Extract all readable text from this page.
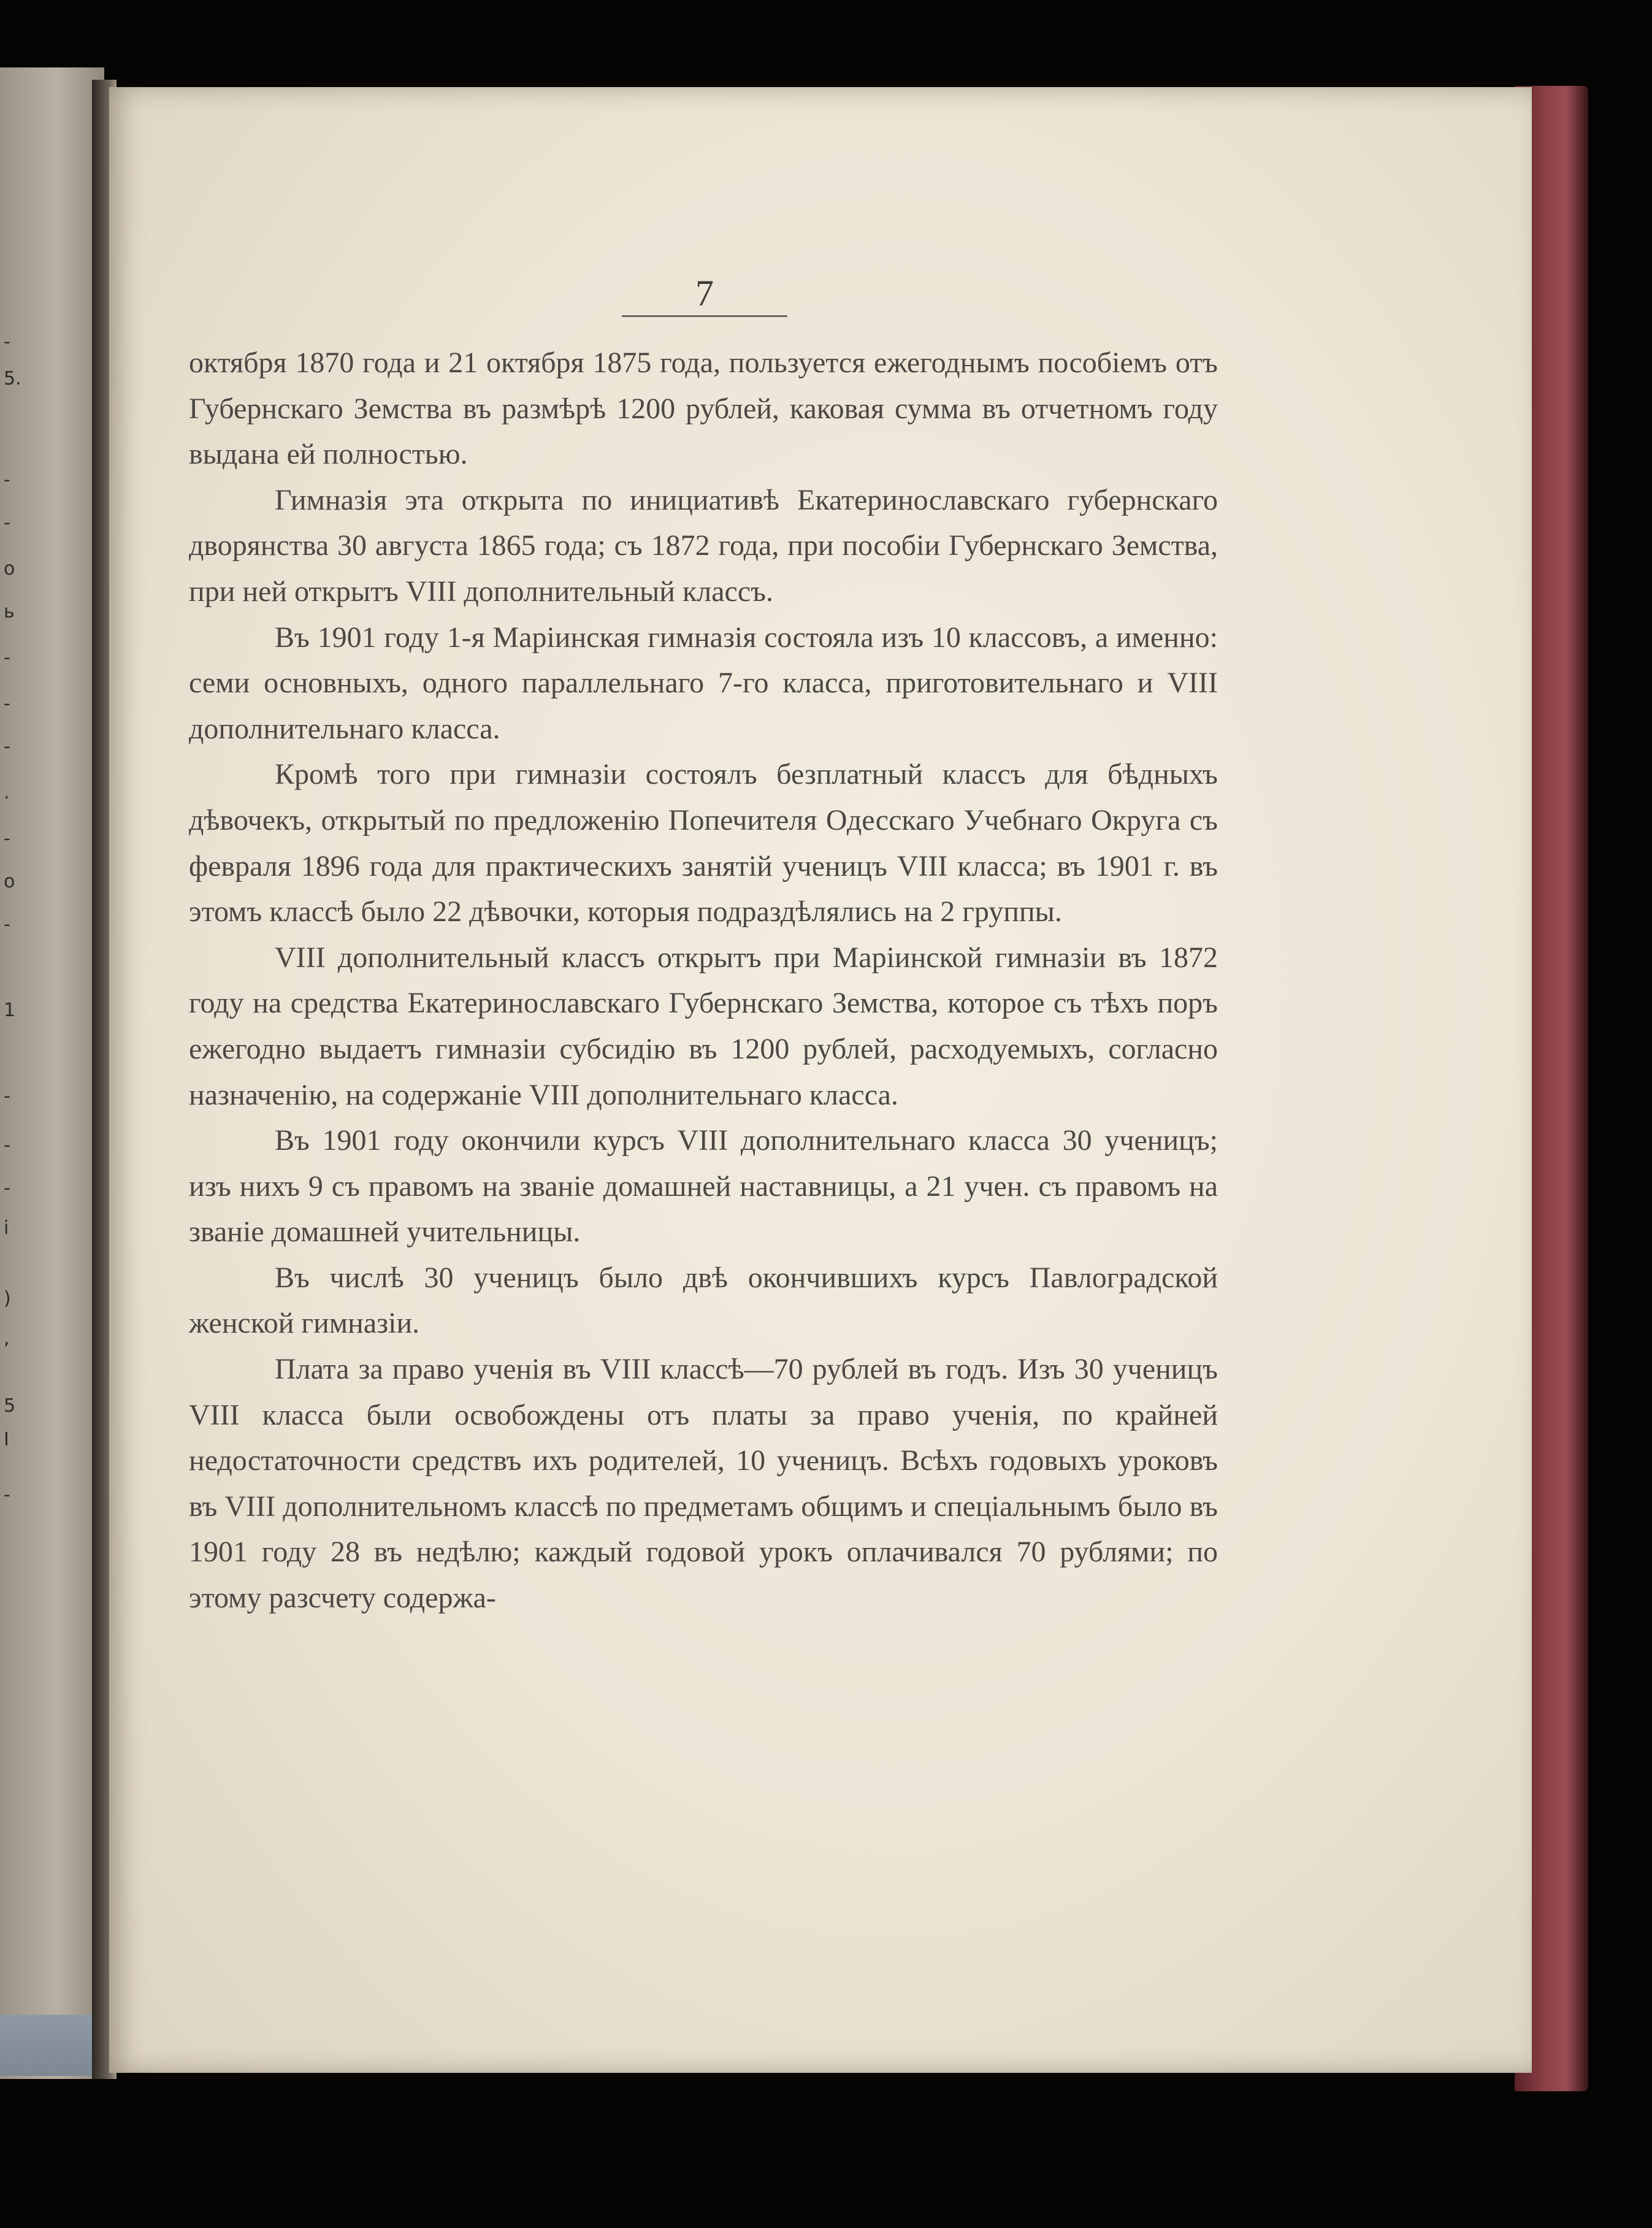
-
5.
-
-
o
ь
-
-
-
.
-
o
-
1
-
-
-
i
)
,
5
I
-
7

октября 1870 года и 21 октября 1875 года, пользуется ежегоднымъ пособіемъ отъ Губернскаго Земства въ размѣрѣ 1200 рублей, каковая сумма въ отчетномъ году выдана ей полностью.

Гимназія эта открыта по инициативѣ Екатеринославскаго губернскаго дворянства 30 августа 1865 года; съ 1872 года, при пособіи Губернскаго Земства, при ней открытъ VIII дополнительный классъ.

Въ 1901 году 1-я Маріинская гимназія состояла изъ 10 классовъ, а именно: семи основныхъ, одного параллельнаго 7-го класса, приготовительнаго и VIII дополнительнаго класса.

Кромѣ того при гимназіи состоялъ безплатный классъ для бѣдныхъ дѣвочекъ, открытый по предложенію Попечителя Одесскаго Учебнаго Округа съ февраля 1896 года для практическихъ занятій ученицъ VIII класса; въ 1901 г. въ этомъ классѣ было 22 дѣвочки, которыя подраздѣлялись на 2 группы.

VIII дополнительный классъ открытъ при Маріинской гимназіи въ 1872 году на средства Екатеринославскаго Губернскаго Земства, которое съ тѣхъ поръ ежегодно выдаетъ гимназіи субсидію въ 1200 рублей, расходуемыхъ, согласно назначенію, на содержаніе VIII дополнительнаго класса.

Въ 1901 году окончили курсъ VIII дополнительнаго класса 30 ученицъ; изъ нихъ 9 съ правомъ на званіе домашней наставницы, а 21 учен. съ правомъ на званіе домашней учительницы.

Въ числѣ 30 ученицъ было двѣ окончившихъ курсъ Павлоградской женской гимназіи.

Плата за право ученія въ VIII классѣ—70 рублей въ годъ. Изъ 30 ученицъ VIII класса были освобождены отъ платы за право ученія, по крайней недостаточности средствъ ихъ родителей, 10 ученицъ. Всѣхъ годовыхъ уроковъ въ VIII дополнительномъ классѣ по предметамъ общимъ и спеціальнымъ было въ 1901 году 28 въ недѣлю; каждый годовой урокъ оплачивался 70 рублями; по этому разсчету содержа-
